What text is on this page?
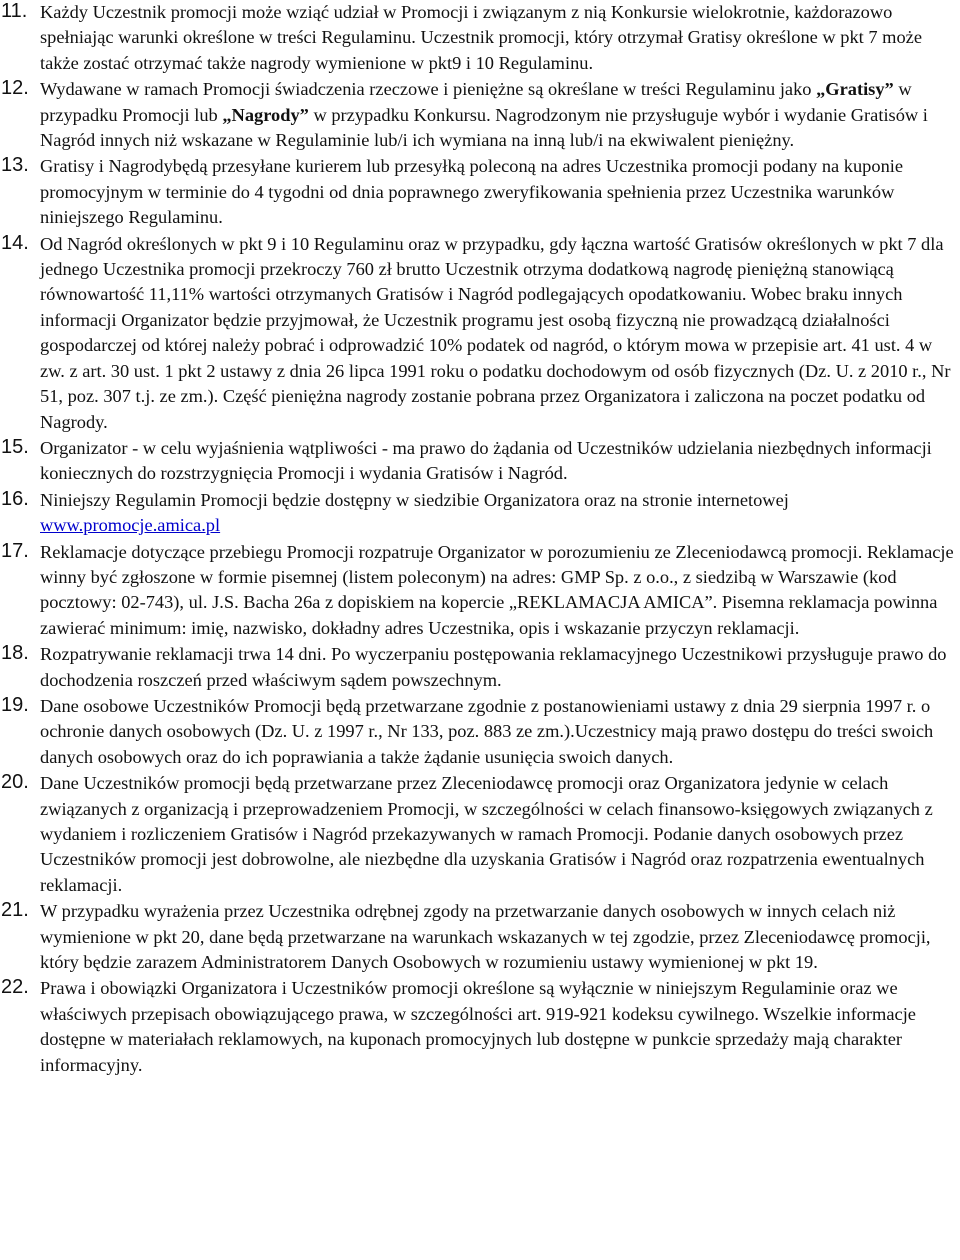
11. Każdy Uczestnik promocji może wziąć udział w Promocji i związanym z nią Konkursie wielokrotnie, każdorazowo spełniając warunki określone w treści Regulaminu. Uczestnik promocji, który otrzymał Gratisy określone w pkt 7 może także zostać otrzymać także nagrody wymienione w pkt9 i 10 Regulaminu.
12. Wydawane w ramach Promocji świadczenia rzeczowe i pieniężne są określane w treści Regulaminu jako „Gratisy” w przypadku Promocji lub „Nagrody” w przypadku Konkursu. Nagrodzonym nie przysługuje wybór i wydanie Gratisów i Nagród innych niż wskazane w Regulaminie lub/i ich wymiana na inną lub/i na ekwiwalent pieniężny.
13. Gratisy i Nagrodybędą przesyłane kurierem lub przesyłką poleconą na adres Uczestnika promocji podany na kuponie promocyjnym w terminie do 4 tygodni od dnia poprawnego zweryfikowania spełnienia przez Uczestnika warunków niniejszego Regulaminu.
14. Od Nagród określonych w pkt 9 i 10 Regulaminu oraz w przypadku, gdy łączna wartość Gratisów określonych w pkt 7 dla jednego Uczestnika promocji przekroczy 760 zł brutto Uczestnik otrzyma dodatkową nagrodę pieniężną stanowiącą równowartość 11,11% wartości otrzymanych Gratisów i Nagród podlegających opodatkowaniu. Wobec braku innych informacji Organizator będzie przyjmował, że Uczestnik programu jest osobą fizyczną nie prowadzącą działalności gospodarczej od której należy pobrać i odprowadzić 10% podatek od nagród, o którym mowa w przepisie art. 41 ust. 4 w zw. z art. 30 ust. 1 pkt 2 ustawy z dnia 26 lipca 1991 roku o podatku dochodowym od osób fizycznych (Dz. U. z 2010 r., Nr 51, poz. 307 t.j. ze zm.). Część pieniężna nagrody zostanie pobrana przez Organizatora i zaliczona na poczet podatku od Nagrody.
15. Organizator - w celu wyjaśnienia wątpliwości - ma prawo do żądania od Uczestników udzielania niezbędnych informacji koniecznych do rozstrzygnięcia Promocji i wydania Gratisów i Nagród.
16. Niniejszy Regulamin Promocji będzie dostępny w siedzibie Organizatora oraz na stronie internetowej www.promocje.amica.pl
17. Reklamacje dotyczące przebiegu Promocji rozpatruje Organizator w porozumieniu ze Zleceniodawcą promocji. Reklamacje winny być zgłoszone w formie pisemnej (listem poleconym) na adres: GMP Sp. z o.o., z siedzibą w Warszawie (kod pocztowy: 02-743), ul. J.S. Bacha 26a z dopiskiem na kopercie „REKLAMACJA AMICA”. Pisemna reklamacja powinna zawierać minimum: imię, nazwisko, dokładny adres Uczestnika, opis i wskazanie przyczyn reklamacji.
18. Rozpatrywanie reklamacji trwa 14 dni. Po wyczerpaniu postępowania reklamacyjnego Uczestnikowi przysługuje prawo do dochodzenia roszczeń przed właściwym sądem powszechnym.
19. Dane osobowe Uczestników Promocji będą przetwarzane zgodnie z postanowieniami ustawy z dnia 29 sierpnia 1997 r. o ochronie danych osobowych (Dz. U. z 1997 r., Nr 133, poz. 883 ze zm.).Uczestnicy mają prawo dostępu do treści swoich danych osobowych oraz do ich poprawiania a także żądanie usunięcia swoich danych.
20. Dane Uczestników promocji będą przetwarzane przez Zleceniodawcę promocji oraz Organizatora jedynie w celach związanych z organizacją i przeprowadzeniem Promocji, w szczególności w celach finansowo-księgowych związanych z wydaniem i rozliczeniem Gratisów i Nagród przekazywanych w ramach Promocji. Podanie danych osobowych przez Uczestników promocji jest dobrowolne, ale niezbędne dla uzyskania Gratisów i Nagród oraz rozpatrzenia ewentualnych reklamacji.
21. W przypadku wyrażenia przez Uczestnika odrębnej zgody na przetwarzanie danych osobowych w innych celach niż wymienione w pkt 20, dane będą przetwarzane na warunkach wskazanych w tej zgodzie, przez Zleceniodawcę promocji, który będzie zarazem Administratorem Danych Osobowych w rozumieniu ustawy wymienionej w pkt 19.
22. Prawa i obowiązki Organizatora i Uczestników promocji określone są wyłącznie w niniejszym Regulaminie oraz we właściwych przepisach obowiązującego prawa, w szczególności art. 919-921 kodeksu cywilnego. Wszelkie informacje dostępne w materiałach reklamowych, na kuponach promocyjnych lub dostępne w punkcie sprzedaży mają charakter informacyjny.
